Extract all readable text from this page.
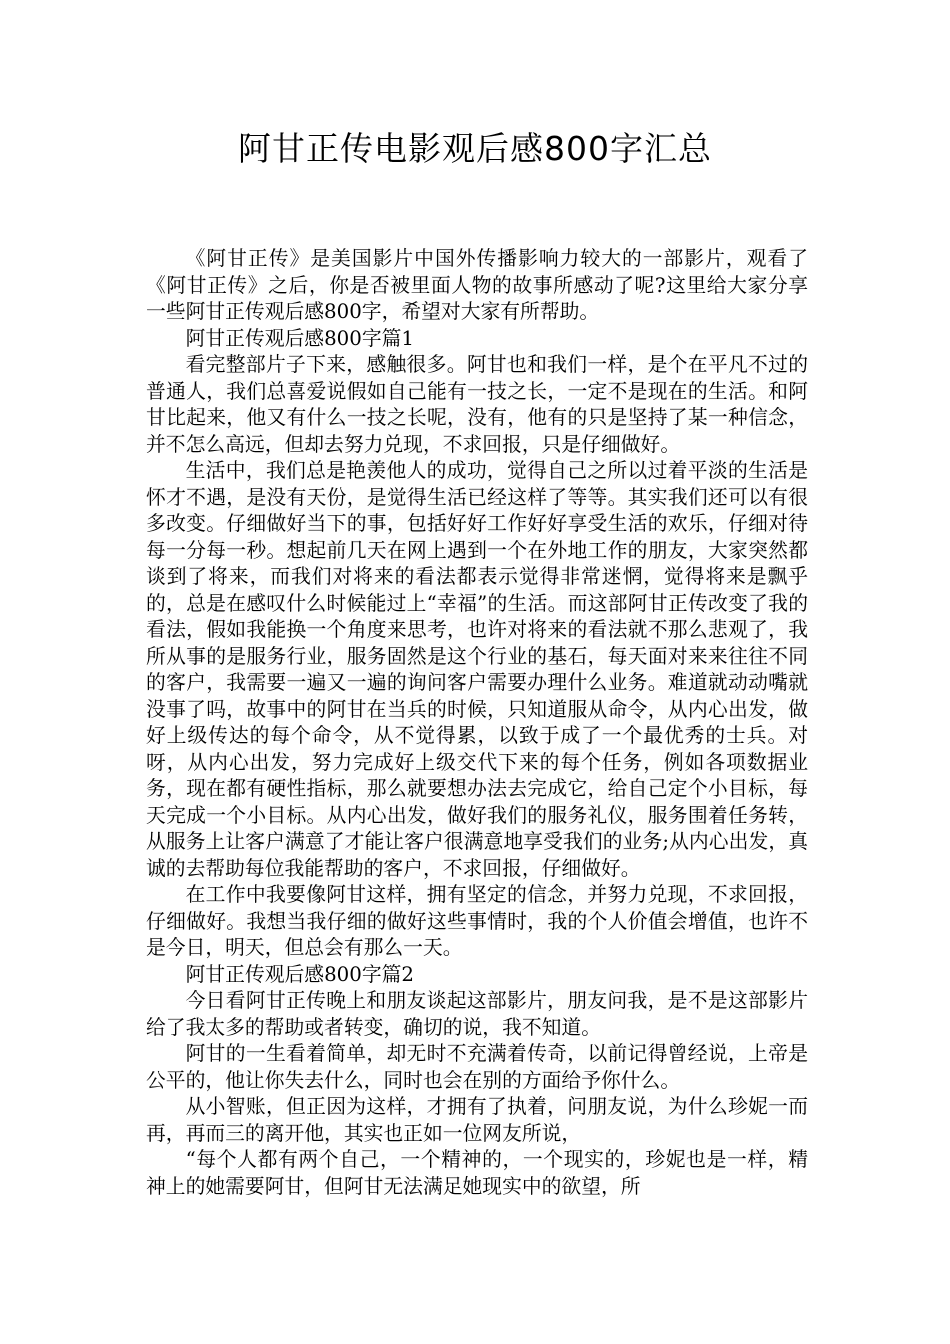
阿甘正传电影观后感800字汇总

《阿甘正传》是美国影片中国外传播影响力较大的一部影片，观看了《阿甘正传》之后，你是否被里面人物的故事所感动了呢?这里给大家分享一些阿甘正传观后感800字，希望对大家有所帮助。

阿甘正传观后感800字篇1

看完整部片子下来，感触很多。阿甘也和我们一样，是个在平凡不过的普通人，我们总喜爱说假如自己能有一技之长，一定不是现在的生活。和阿甘比起来，他又有什么一技之长呢，没有，他有的只是坚持了某一种信念，并不怎么高远，但却去努力兑现，不求回报，只是仔细做好。

生活中，我们总是艳羡他人的成功，觉得自己之所以过着平淡的生活是怀才不遇，是没有天份，是觉得生活已经这样了等等。其实我们还可以有很多改变。仔细做好当下的事，包括好好工作好好享受生活的欢乐，仔细对待每一分每一秒。想起前几天在网上遇到一个在外地工作的朋友，大家突然都谈到了将来，而我们对将来的看法都表示觉得非常迷惘，觉得将来是飘乎的，总是在感叹什么时候能过上“幸福”的生活。而这部阿甘正传改变了我的看法，假如我能换一个角度来思考，也许对将来的看法就不那么悲观了，我所从事的是服务行业，服务固然是这个行业的基石，每天面对来来往往不同的客户，我需要一遍又一遍的询问客户需要办理什么业务。难道就动动嘴就没事了吗，故事中的阿甘在当兵的时候，只知道服从命令，从内心出发，做好上级传达的每个命令，从不觉得累，以致于成了一个最优秀的士兵。对呀，从内心出发，努力完成好上级交代下来的每个任务，例如各项数据业务，现在都有硬性指标，那么就要想办法去完成它，给自己定个小目标，每天完成一个小目标。从内心出发，做好我们的服务礼仪，服务围着任务转，从服务上让客户满意了才能让客户很满意地享受我们的业务;从内心出发，真诚的去帮助每位我能帮助的客户，不求回报，仔细做好。

在工作中我要像阿甘这样，拥有坚定的信念，并努力兑现，不求回报，仔细做好。我想当我仔细的做好这些事情时，我的个人价值会增值，也许不是今日，明天，但总会有那么一天。

阿甘正传观后感800字篇2

今日看阿甘正传晚上和朋友谈起这部影片，朋友问我，是不是这部影片给了我太多的帮助或者转变，确切的说，我不知道。

阿甘的一生看着简单，却无时不充满着传奇，以前记得曾经说，上帝是公平的，他让你失去什么，同时也会在别的方面给予你什么。

从小智账，但正因为这样，才拥有了执着，问朋友说，为什么珍妮一而再，再而三的离开他，其实也正如一位网友所说，

“每个人都有两个自己，一个精神的，一个现实的，珍妮也是一样，精神上的她需要阿甘，但阿甘无法满足她现实中的欲望，所
